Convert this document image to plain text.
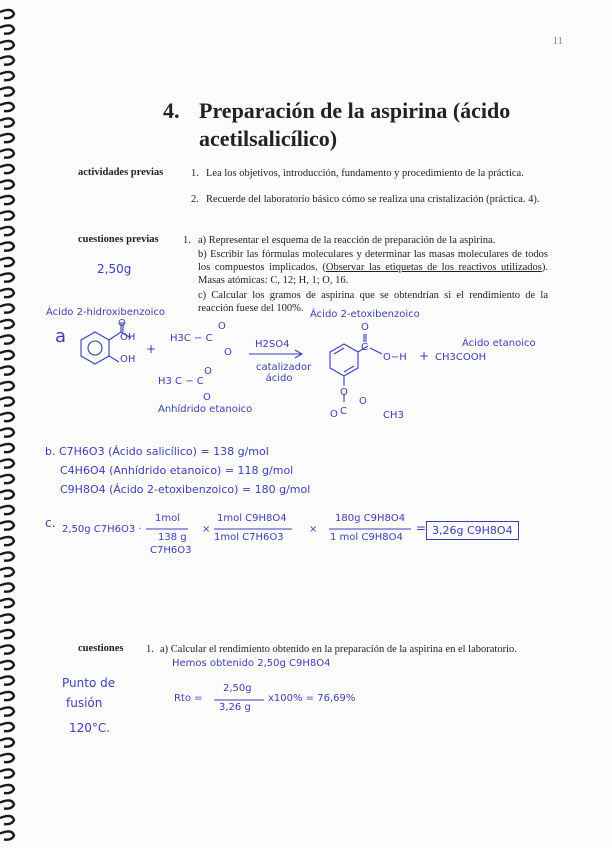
11
4. Preparación de la aspirina (ácido
acetilsalicílico)
actividades previas	1. Lea los objetivos, introducción, fundamento y procedimiento de la práctica.
2. Recuerde del laboratorio básico cómo se realiza una cristalización (práctica. 4).
cuestiones previas 1. a) Representar el esquema de la reacción de preparación de la aspirina.
b) Escribir las fórmulas moleculares y determinar las masas moleculares de todos los compuestos implicados. (Observar las etiquetas de los reactivos utilizados). Masas atómicas: C, 12; H, 1; O, 16.
c) Calcular los gramos de aspirina que se obtendrían si el rendimiento de la reacción fuese del 100%.
2,50g
Ácido 2-hidroxibenzoico
a	OH
O
OH
+
H3C − C
O
O
H2SO4
catalizador ácido
H3 C − C
O
O
Anhídrido etanoico
Ácido 2-etoxibenzoico
O
C
O−H
O
O
C
O	CH3
+
Ácido etanoico
CH3COOH
b. C7H6O3 (Ácido salicílico) = 138 g/mol
C4H6O4 (Anhídrido etanoico) = 118 g/mol
C9H8O4 (Ácido 2-etoxibenzoico) = 180 g/mol
c. 2,50g C7H6O3 ·
1mol
138 g
C7H6O3
×
1mol C9H8O4
1mol C7H6O3
×
180g C9H8O4
1 mol C9H8O4
= 3,26g C9H8O4
cuestiones 1. a) Calcular el rendimiento obtenido en la preparación de la aspirina en el laboratorio.
Hemos obtenido 2,50g C9H8O4
Punto de
fusión
120°C.
Rto =
2,50g
3,26 g
x100% = 76,69%
